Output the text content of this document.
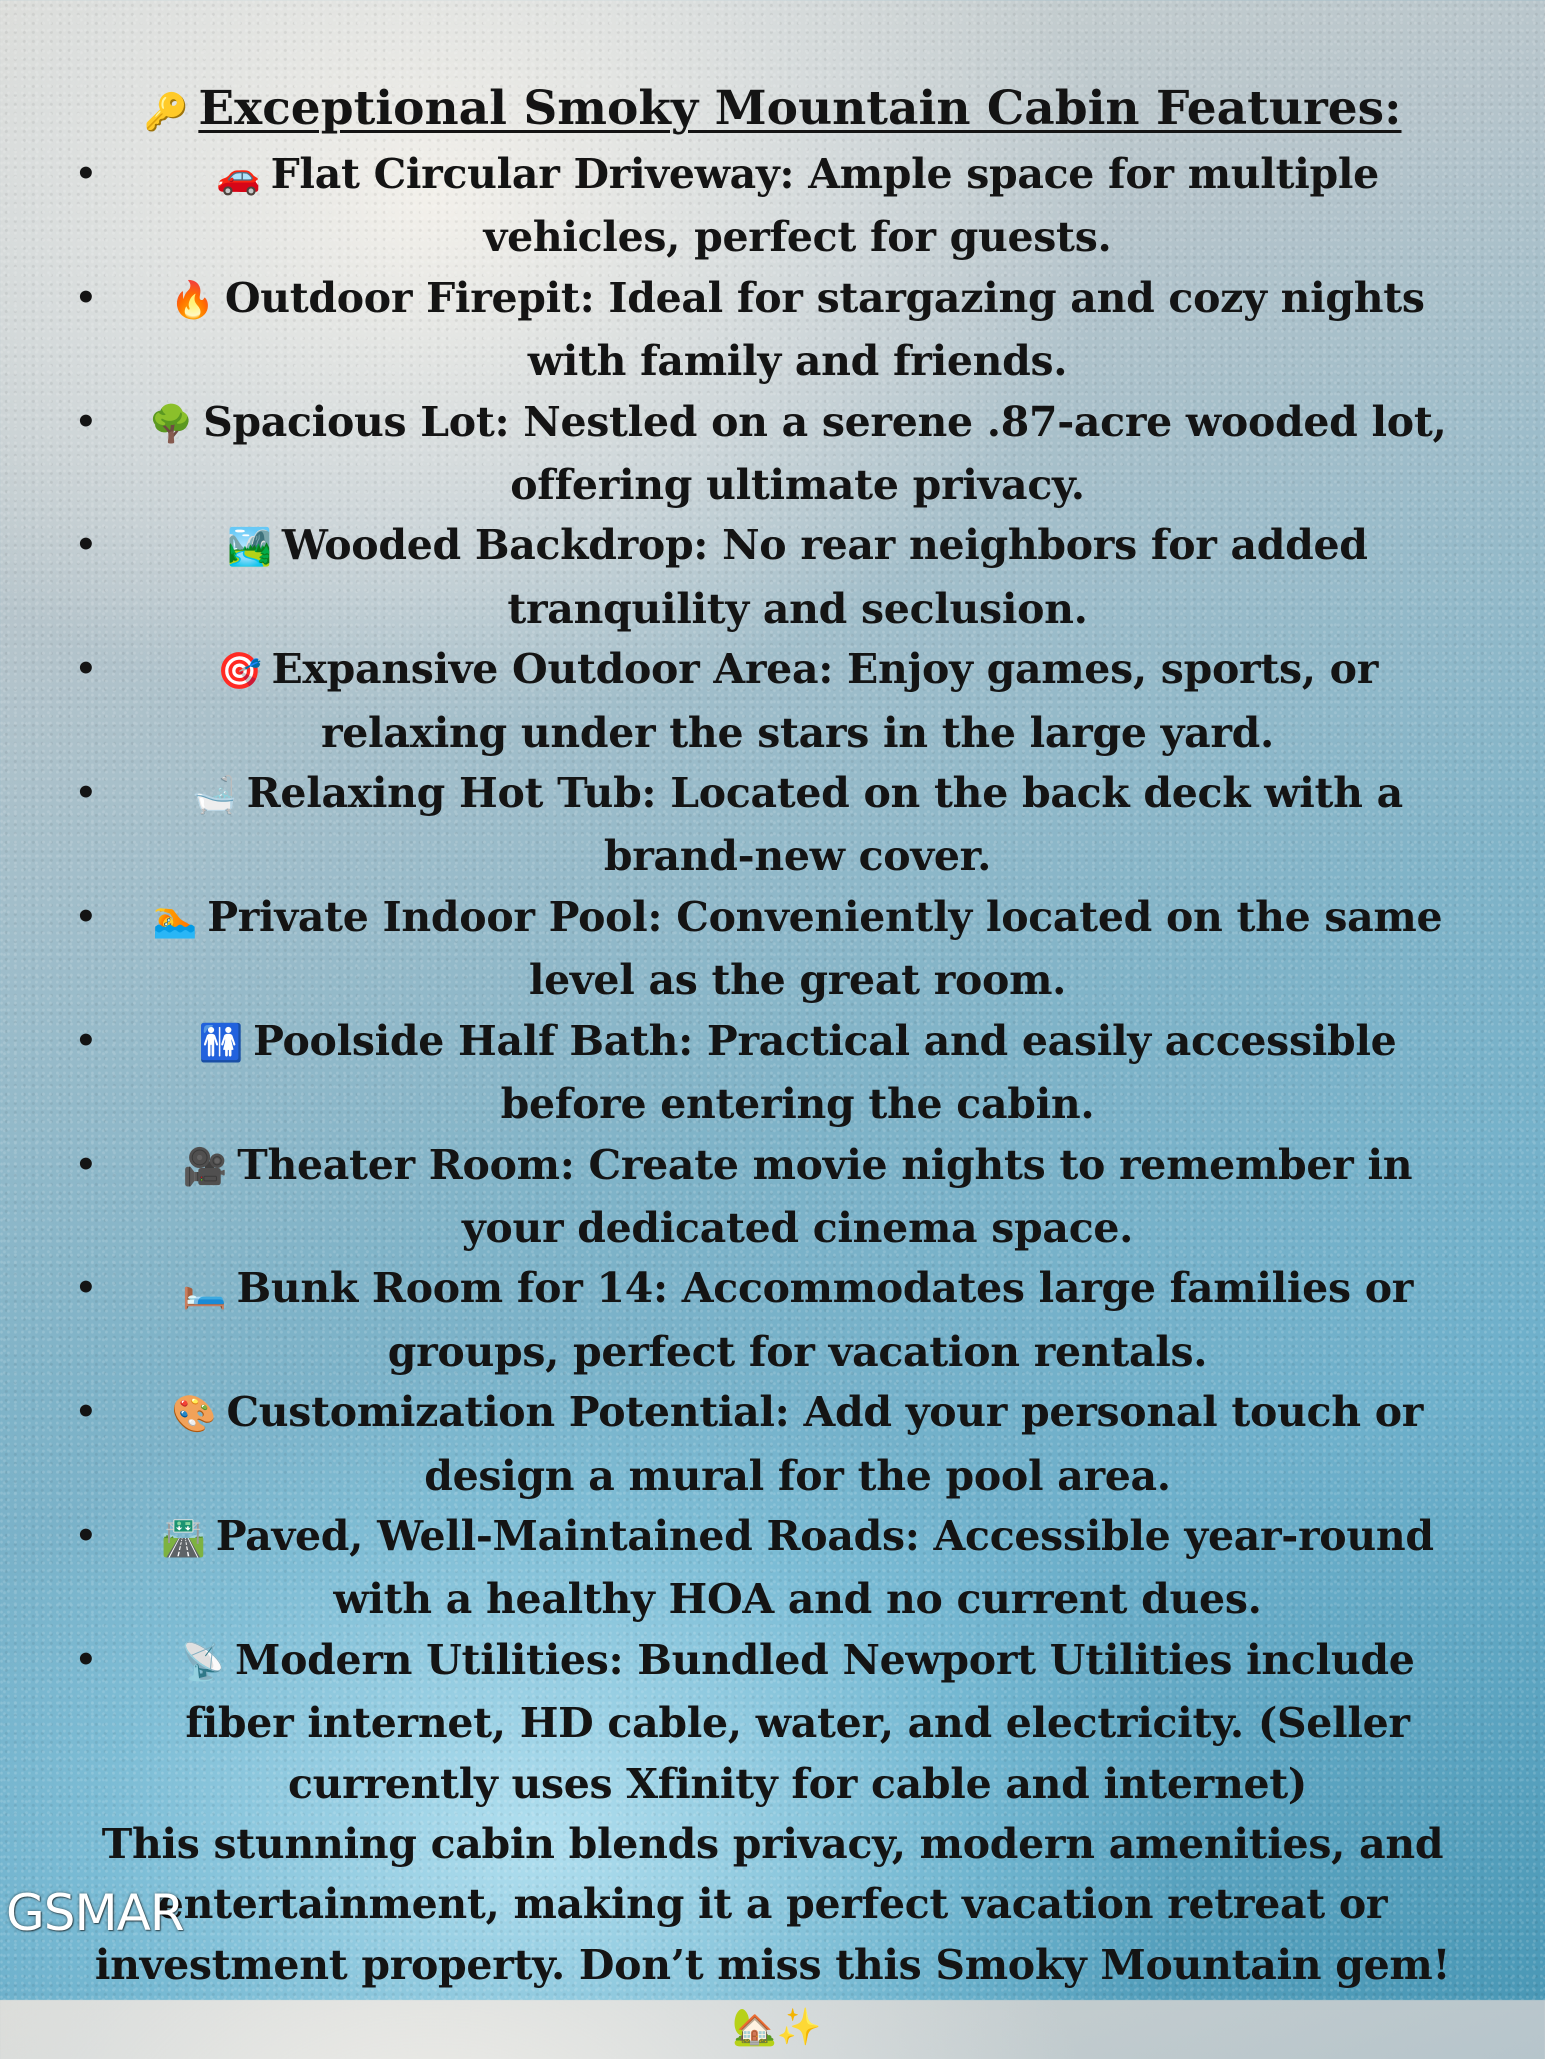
🔑 Exceptional Smoky Mountain Cabin Features:
•	🚗 Flat Circular Driveway: Ample space for multiple vehicles, perfect for guests.
• 🔥 Outdoor Firepit: Ideal for stargazing and cozy nights with family and friends.
• 🌳 Spacious Lot: Nestled on a serene .87-acre wooded lot, offering ultimate privacy.
•	🏞️ Wooded Backdrop: No rear neighbors for added tranquility and seclusion.
•	🎯 Expansive Outdoor Area: Enjoy games, sports, or relaxing under the stars in the large yard.
•	🛁 Relaxing Hot Tub: Located on the back deck with a brand-new cover.
• 🏊 Private Indoor Pool: Conveniently located on the same level as the great room.
•	🚻 Poolside Half Bath: Practical and easily accessible before entering the cabin.
• 🎥 Theater Room: Create movie nights to remember in your dedicated cinema space.
• 🛏️ Bunk Room for 14: Accommodates large families or groups, perfect for vacation rentals.
• 🎨 Customization Potential: Add your personal touch or design a mural for the pool area.
• 🛣️ Paved, Well-Maintained Roads: Accessible year-round with a healthy HOA and no current dues.
• 📡 Modern Utilities: Bundled Newport Utilities include fiber internet, HD cable, water, and electricity. (Seller currently uses Xfinity for cable and internet)

This stunning cabin blends privacy, modern amenities, and entertainment, making it a perfect vacation retreat or investment property. Don’t miss this Smoky Mountain gem! 🏡✨

GSMAR
